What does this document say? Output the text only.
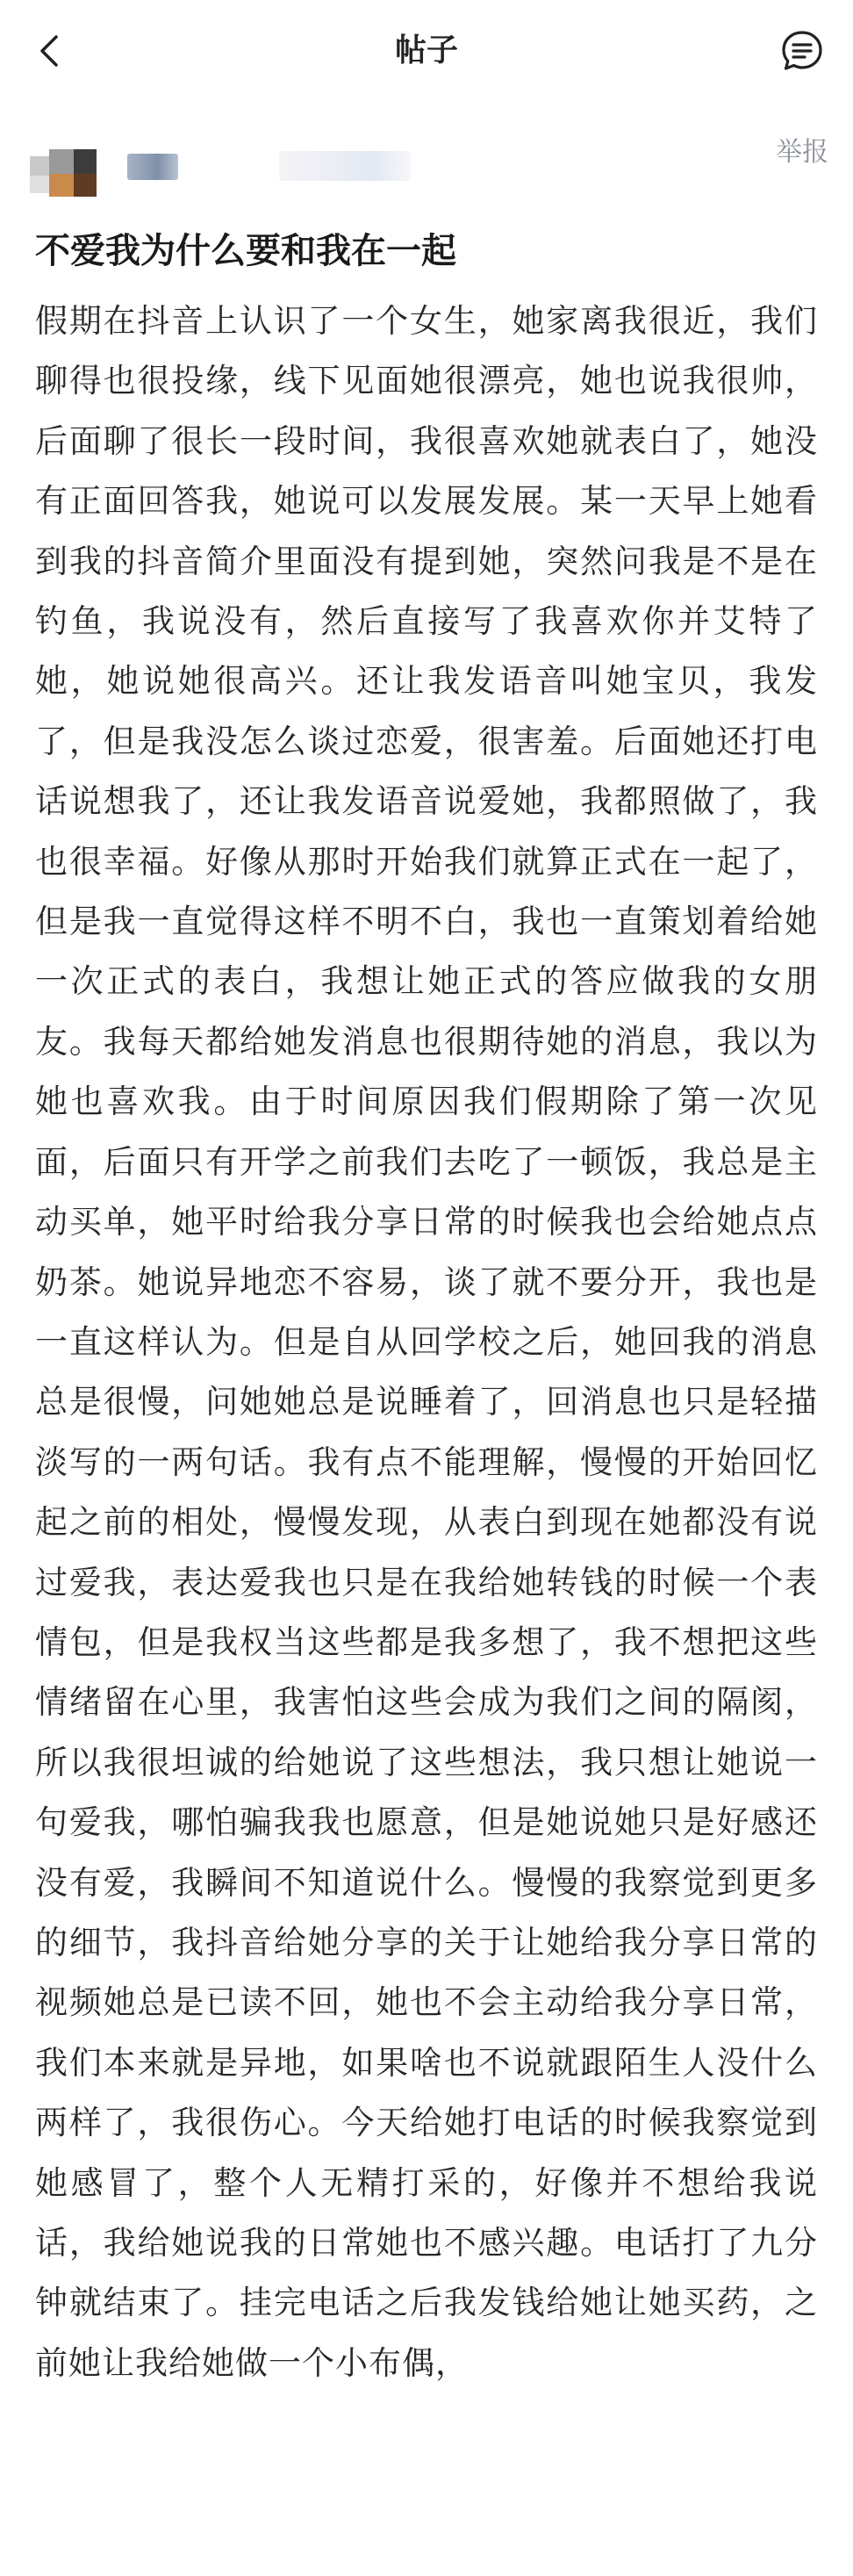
帖子
举报
不爱我为什么要和我在一起

假期在抖音上认识了一个女生，她家离我很近，我们聊得也很投缘，线下见面她很漂亮，她也说我很帅，后面聊了很长一段时间，我很喜欢她就表白了，她没有正面回答我，她说可以发展发展。某一天早上她看到我的抖音简介里面没有提到她，突然问我是不是在钓鱼，我说没有，然后直接写了我喜欢你并艾特了她，她说她很高兴。还让我发语音叫她宝贝，我发了，但是我没怎么谈过恋爱，很害羞。后面她还打电话说想我了，还让我发语音说爱她，我都照做了，我也很幸福。好像从那时开始我们就算正式在一起了，但是我一直觉得这样不明不白，我也一直策划着给她一次正式的表白，我想让她正式的答应做我的女朋友。我每天都给她发消息也很期待她的消息，我以为她也喜欢我。由于时间原因我们假期除了第一次见面，后面只有开学之前我们去吃了一顿饭，我总是主动买单，她平时给我分享日常的时候我也会给她点点奶茶。她说异地恋不容易，谈了就不要分开，我也是一直这样认为。但是自从回学校之后，她回我的消息总是很慢，问她她总是说睡着了，回消息也只是轻描淡写的一两句话。我有点不能理解，慢慢的开始回忆起之前的相处，慢慢发现，从表白到现在她都没有说过爱我，表达爱我也只是在我给她转钱的时候一个表情包，但是我权当这些都是我多想了，我不想把这些情绪留在心里，我害怕这些会成为我们之间的隔阂，所以我很坦诚的给她说了这些想法，我只想让她说一句爱我，哪怕骗我我也愿意，但是她说她只是好感还没有爱，我瞬间不知道说什么。慢慢的我察觉到更多的细节，我抖音给她分享的关于让她给我分享日常的视频她总是已读不回，她也不会主动给我分享日常，我们本来就是异地，如果啥也不说就跟陌生人没什么两样了，我很伤心。今天给她打电话的时候我察觉到她感冒了，整个人无精打采的，好像并不想给我说话，我给她说我的日常她也不感兴趣。电话打了九分钟就结束了。挂完电话之后我发钱给她让她买药，之前她让我给她做一个小布偶，
